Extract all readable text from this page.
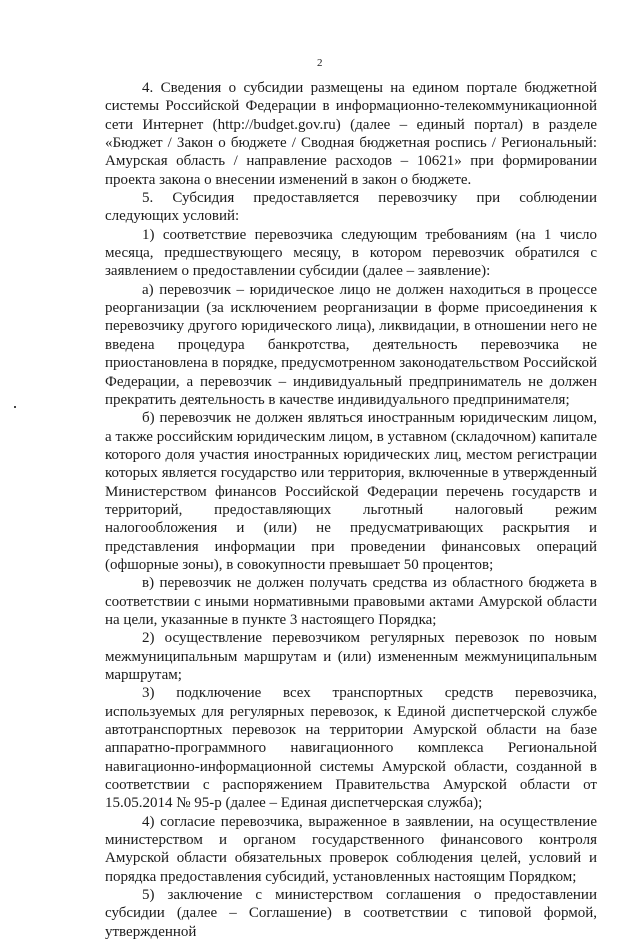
2

4. Сведения о субсидии размещены на едином портале бюджетной системы Российской Федерации в информационно-телекоммуникационной сети Интернет (http://budget.gov.ru) (далее – единый портал) в разделе «Бюджет / Закон о бюджете / Сводная бюджетная роспись / Региональный: Амурская область / направление расходов – 10621» при формировании проекта закона о внесении изменений в закон о бюджете.

5. Субсидия предоставляется перевозчику при соблюдении следующих условий:

1) соответствие перевозчика следующим требованиям (на 1 число месяца, предшествующего месяцу, в котором перевозчик обратился с заявлением о предоставлении субсидии (далее – заявление):

а) перевозчик – юридическое лицо не должен находиться в процессе реорганизации (за исключением реорганизации в форме присоединения к перевозчику другого юридического лица), ликвидации, в отношении него не введена процедура банкротства, деятельность перевозчика не приостановлена в порядке, предусмотренном законодательством Российской Федерации, а перевозчик – индивидуальный предприниматель не должен прекратить деятельность в качестве индивидуального предпринимателя;

б) перевозчик не должен являться иностранным юридическим лицом, а также российским юридическим лицом, в уставном (складочном) капитале которого доля участия иностранных юридических лиц, местом регистрации которых является государство или территория, включенные в утвержденный Министерством финансов Российской Федерации перечень государств и территорий, предоставляющих льготный налоговый режим налогообложения и (или) не предусматривающих раскрытия и представления информации при проведении финансовых операций (офшорные зоны), в совокупности превышает 50 процентов;

в) перевозчик не должен получать средства из областного бюджета в соответствии с иными нормативными правовыми актами Амурской области на цели, указанные в пункте 3 настоящего Порядка;

2) осуществление перевозчиком регулярных перевозок по новым межмуниципальным маршрутам и (или) измененным межмуниципальным маршрутам;

3) подключение всех транспортных средств перевозчика, используемых для регулярных перевозок, к Единой диспетчерской службе автотранспортных перевозок на территории Амурской области на базе аппаратно-программного навигационного комплекса Региональной навигационно-информационной системы Амурской области, созданной в соответствии с распоряжением Правительства Амурской области от 15.05.2014 № 95-р (далее – Единая диспетчерская служба);

4) согласие перевозчика, выраженное в заявлении, на осуществление министерством и органом государственного финансового контроля Амурской области обязательных проверок соблюдения целей, условий и порядка предоставления субсидий, установленных настоящим Порядком;

5) заключение с министерством соглашения о предоставлении субсидии (далее – Соглашение) в соответствии с типовой формой, утвержденной
